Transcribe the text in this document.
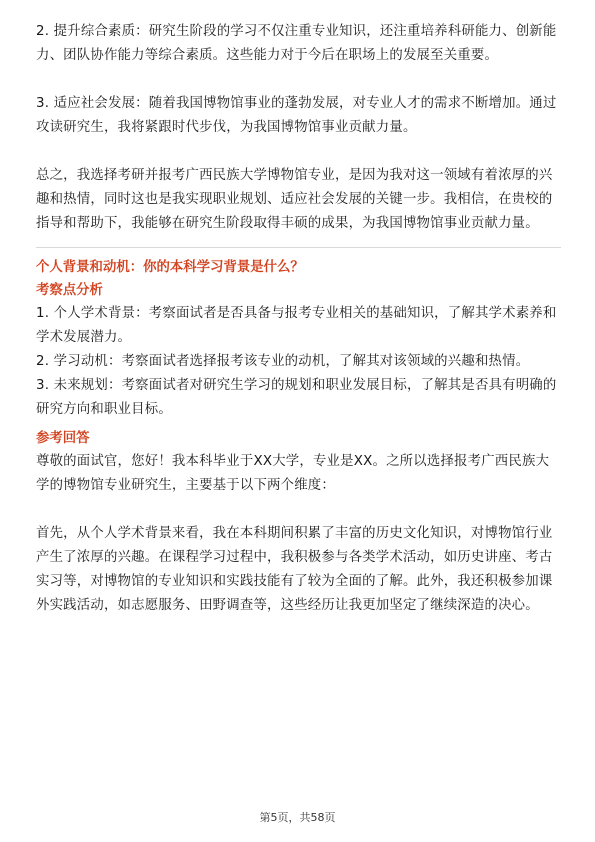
2. 提升综合素质：研究生阶段的学习不仅注重专业知识，还注重培养科研能力、创新能力、团队协作能力等综合素质。这些能力对于今后在职场上的发展至关重要。

3. 适应社会发展：随着我国博物馆事业的蓬勃发展，对专业人才的需求不断增加。通过攻读研究生，我将紧跟时代步伐，为我国博物馆事业贡献力量。

总之，我选择考研并报考广西民族大学博物馆专业，是因为我对这一领域有着浓厚的兴趣和热情，同时这也是我实现职业规划、适应社会发展的关键一步。我相信，在贵校的指导和帮助下，我能够在研究生阶段取得丰硕的成果，为我国博物馆事业贡献力量。

个人背景和动机：你的本科学习背景是什么？
考察点分析

1. 个人学术背景：考察面试者是否具备与报考专业相关的基础知识，了解其学术素养和学术发展潜力。

2. 学习动机：考察面试者选择报考该专业的动机，了解其对该领域的兴趣和热情。

3. 未来规划：考察面试者对研究生学习的规划和职业发展目标，了解其是否具有明确的研究方向和职业目标。

参考回答

尊敬的面试官，您好！我本科毕业于XX大学，专业是XX。之所以选择报考广西民族大学的博物馆专业研究生，主要基于以下两个维度：

首先，从个人学术背景来看，我在本科期间积累了丰富的历史文化知识，对博物馆行业产生了浓厚的兴趣。在课程学习过程中，我积极参与各类学术活动，如历史讲座、考古实习等，对博物馆的专业知识和实践技能有了较为全面的了解。此外，我还积极参加课外实践活动，如志愿服务、田野调查等，这些经历让我更加坚定了继续深造的决心。

第5页，共58页
